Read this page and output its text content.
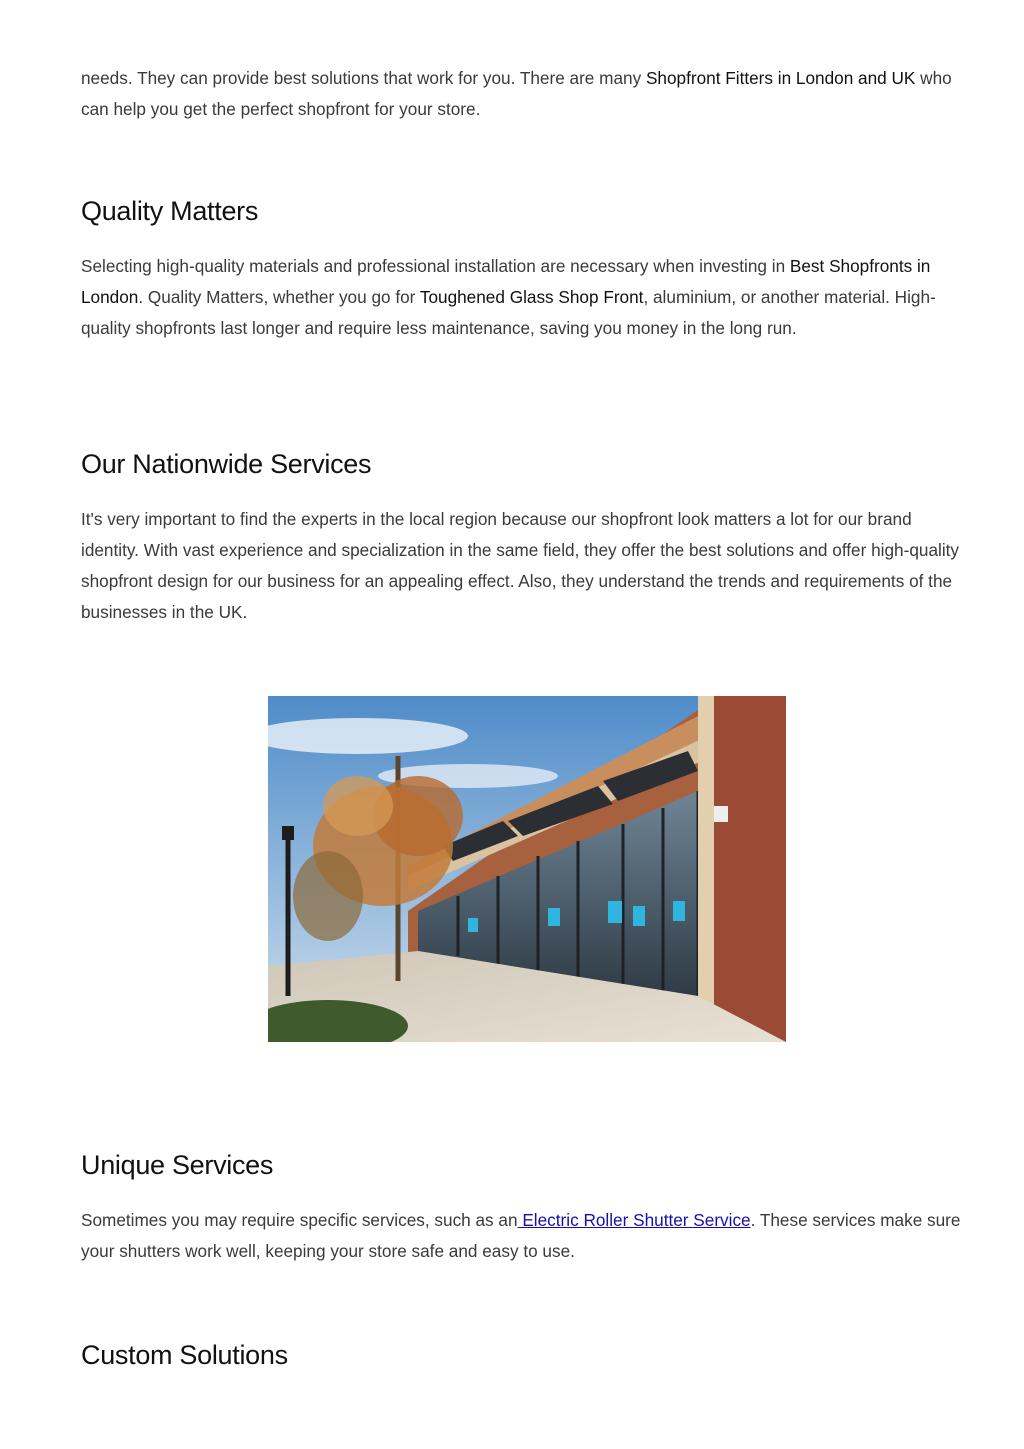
needs. They can provide best solutions that work for you. There are many Shopfront Fitters in London and UK who can help you get the perfect shopfront for your store.

Quality Matters

Selecting high-quality materials and professional installation are necessary when investing in Best Shopfronts in London. Quality Matters, whether you go for Toughened Glass Shop Front, aluminium, or another material. High-quality shopfronts last longer and require less maintenance, saving you money in the long run.

Our Nationwide Services

It's very important to find the experts in the local region because our shopfront look matters a lot for our brand identity. With vast experience and specialization in the same field, they offer the best solutions and offer high-quality shopfront design for our business for an appealing effect. Also, they understand the trends and requirements of the businesses in the UK.

Unique Services

Sometimes you may require specific services, such as an Electric Roller Shutter Service. These services make sure your shutters work well, keeping your store safe and easy to use.

Custom Solutions
